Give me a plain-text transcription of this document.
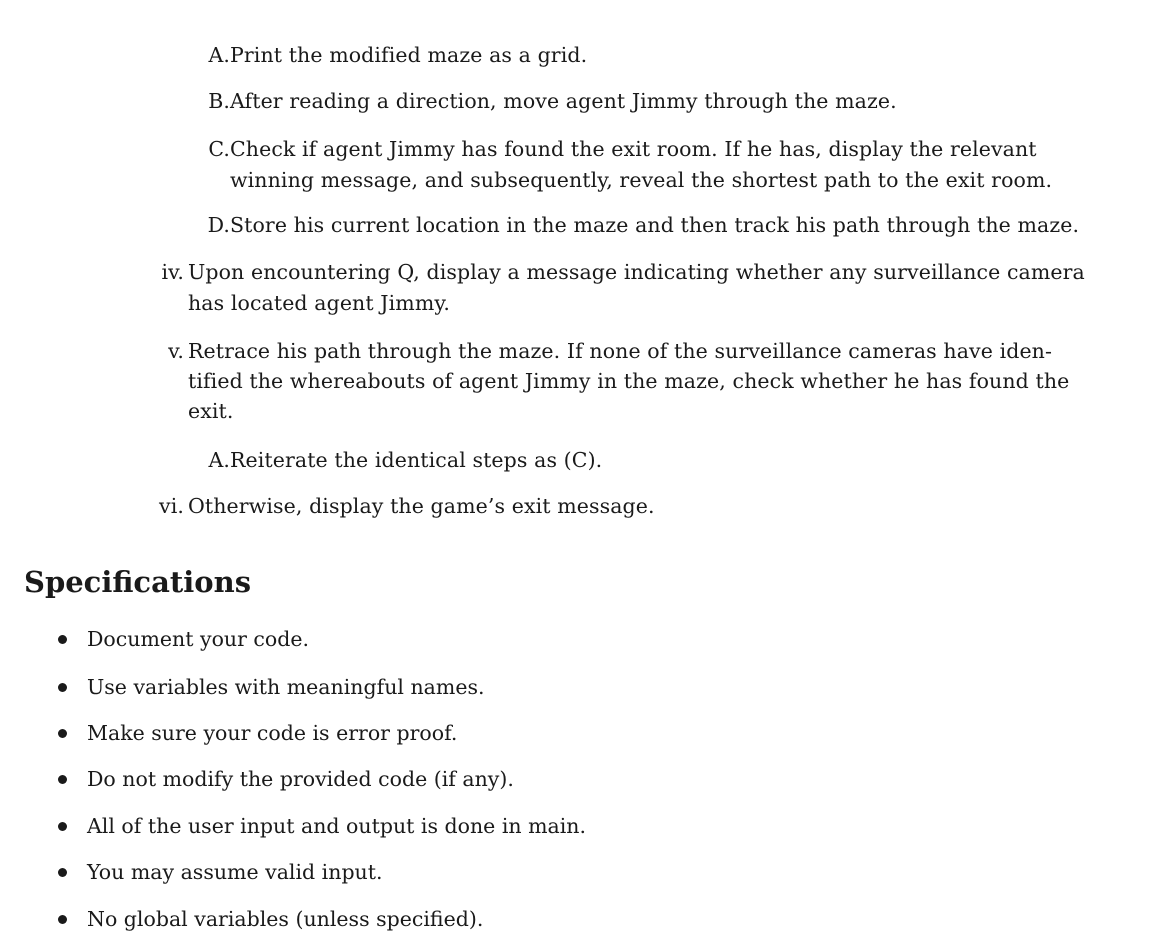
A. Print the modified maze as a grid.
B. After reading a direction, move agent Jimmy through the maze.
C. Check if agent Jimmy has found the exit room. If he has, display the relevant
winning message, and subsequently, reveal the shortest path to the exit room.
D. Store his current location in the maze and then track his path through the maze.
iv. Upon encountering Q, display a message indicating whether any surveillance camera
has located agent Jimmy.
v. Retrace his path through the maze. If none of the surveillance cameras have iden-
tified the whereabouts of agent Jimmy in the maze, check whether he has found the
exit.
A. Reiterate the identical steps as (C).
vi. Otherwise, display the game’s exit message.
Specifications
Document your code.
Use variables with meaningful names.
Make sure your code is error proof.
Do not modify the provided code (if any).
All of the user input and output is done in main.
You may assume valid input.
No global variables (unless specified).
